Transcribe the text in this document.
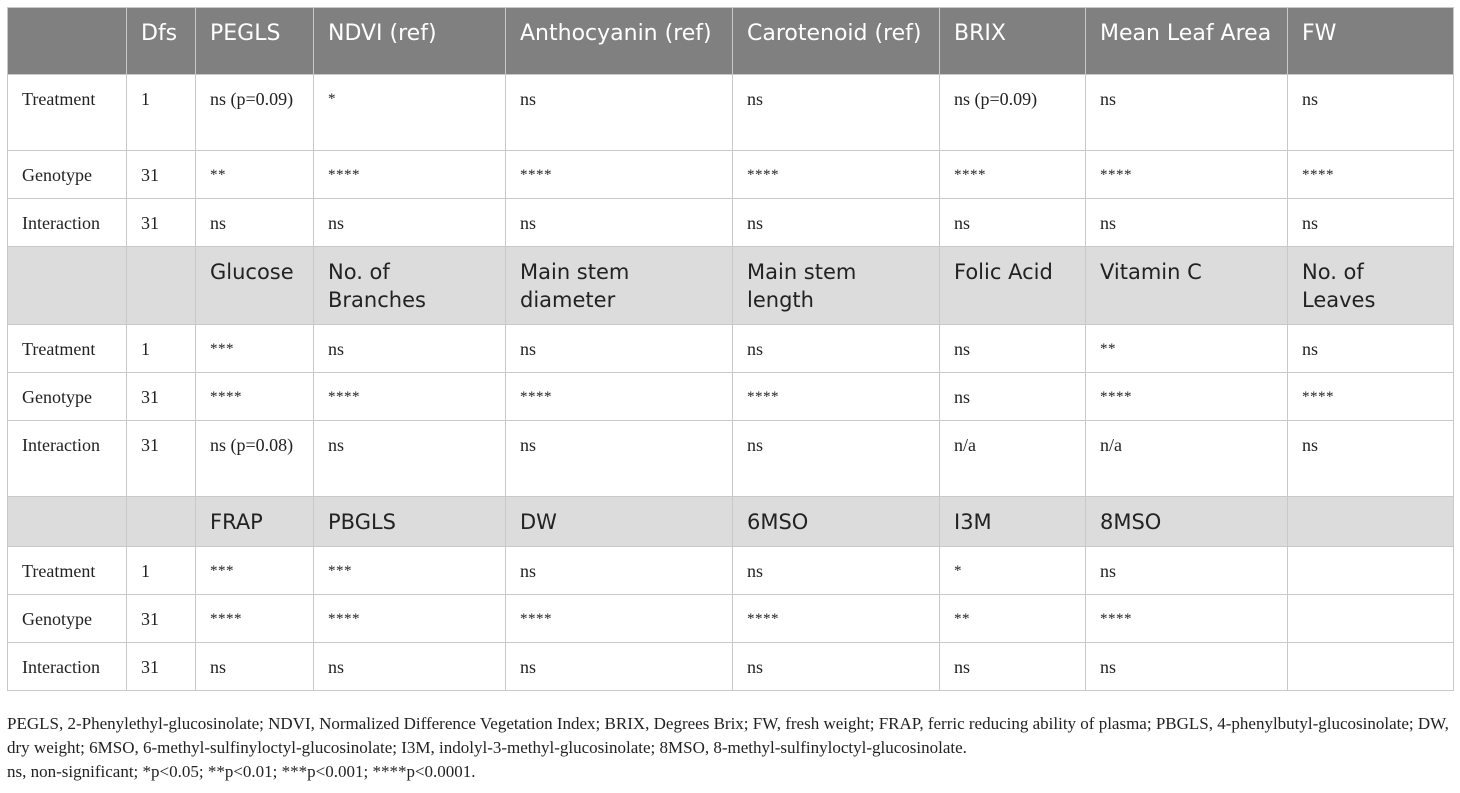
	Dfs	PEGLS	NDVI (ref)	Anthocyanin (ref)	Carotenoid (ref)	BRIX	Mean Leaf Area	FW
Treatment	1	ns (p=0.09)	*	ns	ns	ns (p=0.09)	ns	ns
Genotype	31	**	****	****	****	****	****	****
Interaction	31	ns	ns	ns	ns	ns	ns	ns
		Glucose	No. of Branches	Main stem diameter	Main stem length	Folic Acid	Vitamin C	No. of Leaves
Treatment	1	***	ns	ns	ns	ns	**	ns
Genotype	31	****	****	****	****	ns	****	****
Interaction	31	ns (p=0.08)	ns	ns	ns	n/a	n/a	ns
		FRAP	PBGLS	DW	6MSO	I3M	8MSO	
Treatment	1	***	***	ns	ns	*	ns	
Genotype	31	****	****	****	****	**	****	
Interaction	31	ns	ns	ns	ns	ns	ns	

PEGLS, 2-Phenylethyl-glucosinolate; NDVI, Normalized Difference Vegetation Index; BRIX, Degrees Brix; FW, fresh weight; FRAP, ferric reducing ability of plasma; PBGLS, 4-phenylbutyl-glucosinolate; DW, dry weight; 6MSO, 6-methyl-sulfinyloctyl-glucosinolate; I3M, indolyl-3-methyl-glucosinolate; 8MSO, 8-methyl-sulfinyloctyl-glucosinolate.

ns, non-significant; *p<0.05; **p<0.01; ***p<0.001; ****p<0.0001.
